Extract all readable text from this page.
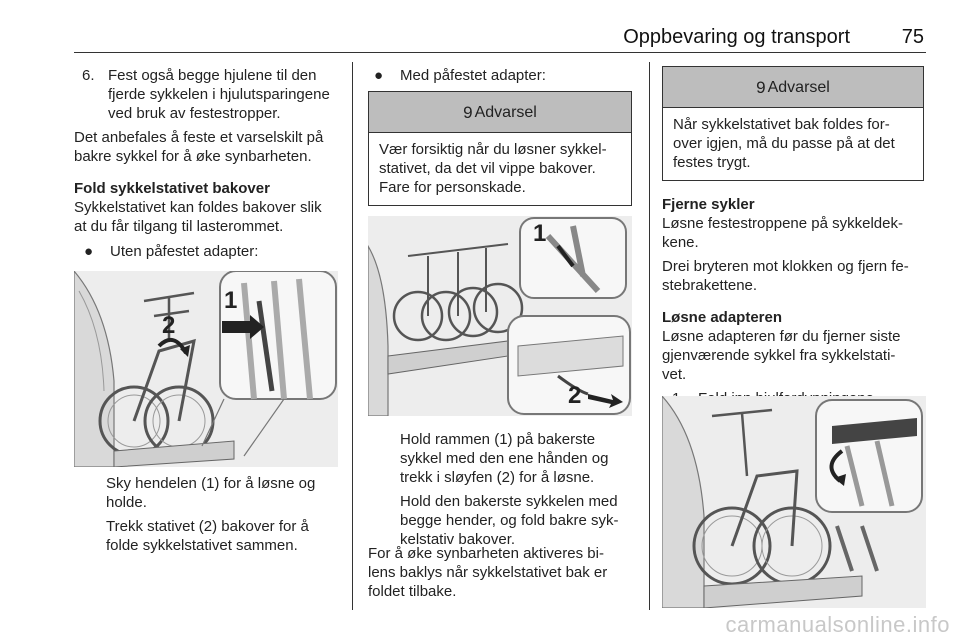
Oppbevaring og transport	75
6. Fest også begge hjulene til den

fjerde sykkelen i hjulutsparingene

ved bruk av festestropper.

Det anbefales å feste et varselskilt på

bakre sykkel for å øke synbarheten.

Fold sykkelstativet bakover

Sykkelstativet kan foldes bakover slik

at du får tilgang til lasterommet.

●	Uten påfestet adapter:
1
2

Sky hendelen (1) for å løsne og

holde.

Trekk stativet (2) bakover for å

folde sykkelstativet sammen.

●	Med påfestet adapter:
9 Advarsel

Vær forsiktig når du løsner sykkel-

stativet, da det vil vippe bakover.

Fare for personskade.

1
2

Hold rammen (1) på bakerste

sykkel med den ene hånden og

trekk i sløyfen (2) for å løsne.

Hold den bakerste sykkelen med

begge hender, og fold bakre syk-

kelstativ bakover.

For å øke synbarheten aktiveres bi-

lens baklys når sykkelstativet bak er

foldet tilbake.

9 Advarsel

Når sykkelstativet bak foldes for-

over igjen, må du passe på at det

festes trygt.

Fjerne sykler

Løsne festestroppene på sykkeldek-

kene.

Drei bryteren mot klokken og fjern fe-

stebrakettene.

Løsne adapteren

Løsne adapteren før du fjerner siste

gjenværende sykkel fra sykkelstati-

vet.

carmanualsonline.info
